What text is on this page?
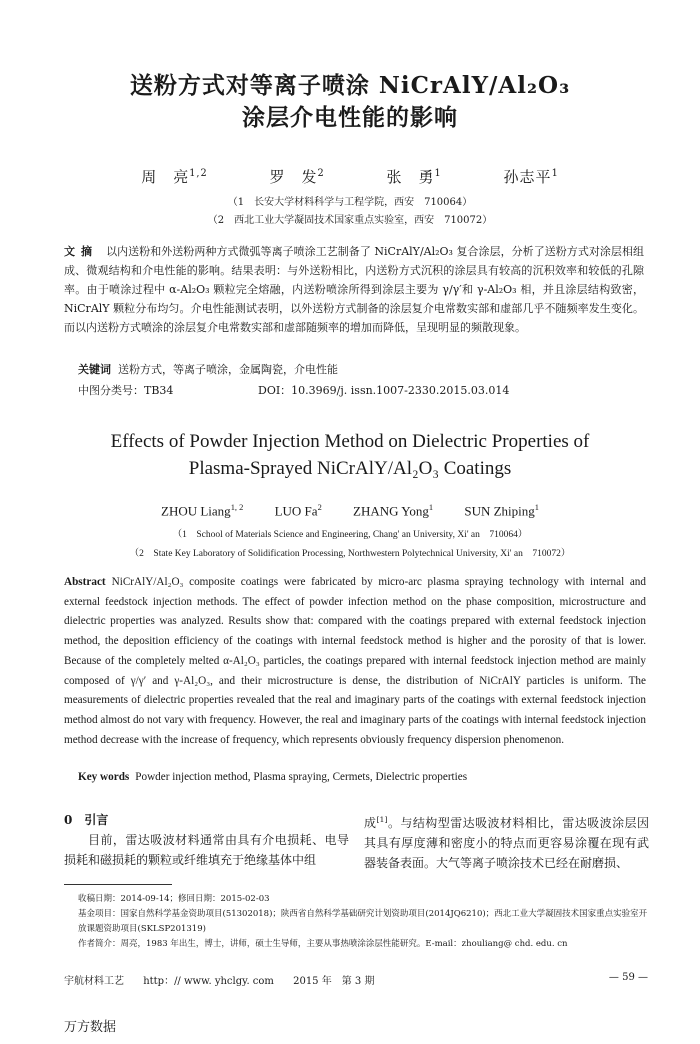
送粉方式对等离子喷涂 NiCrAlY/Al₂O₃
涂层介电性能的影响
周　亮$^{1,2}$	罗　发$^2$	张　勇$^1$	孙志平$^1$
（1　长安大学材料科学与工程学院，西安　710064）
（2　西北工业大学凝固技术国家重点实验室，西安　710072）
文摘 以内送粉和外送粉两种方式微弧等离子喷涂工艺制备了 NiCrAlY/Al₂O₃ 复合涂层，分析了送粉方式对涂层相组成、微观结构和介电性能的影响。结果表明：与外送粉相比，内送粉方式沉积的涂层具有较高的沉积效率和较低的孔隙率。由于喷涂过程中 α-Al₂O₃ 颗粒完全熔融，内送粉喷涂所得到涂层主要为 γ/γ′和 γ-Al₂O₃ 相，并且涂层结构致密，NiCrAlY 颗粒分布均匀。介电性能测试表明，以外送粉方式制备的涂层复介电常数实部和虚部几乎不随频率发生变化。而以内送粉方式喷涂的涂层复介电常数实部和虚部随频率的增加而降低，呈现明显的频散现象。
关键词 送粉方式，等离子喷涂，金属陶瓷，介电性能
中图分类号：TB34	DOI：10.3969/j. issn.1007-2330.2015.03.014
Effects of Powder Injection Method on Dielectric Properties of
Plasma-Sprayed NiCrAlY/Al₂O₃ Coatings
ZHOU Liang$^{1, 2}$ LUO Fa$^2$ ZHANG Yong$^1$ SUN Zhiping$^1$
（1　School of Materials Science and Engineering, Chang' an University, Xi' an　710064）
（2　State Key Laboratory of Solidification Processing, Northwestern Polytechnical University, Xi' an　710072）
Abstract NiCrAlY/Al₂O₃ composite coatings were fabricated by micro-arc plasma spraying technology with internal and external feedstock injection methods. The effect of powder infection method on the phase composition, microstructure and dielectric properties was analyzed. Results show that: compared with the coatings prepared with external feedstock injection method, the deposition efficiency of the coatings with internal feedstock method is higher and the porosity of that is lower. Because of the completely melted α-Al₂O₃ particles, the coatings prepared with internal feedstock injection method are mainly composed of γ/γ′ and γ-Al₂O₃, and their microstructure is dense, the distribution of NiCrAlY particles is uniform. The measurements of dielectric properties revealed that the real and imaginary parts of the coatings with external feedstock injection method almost do not vary with frequency. However, the real and imaginary parts of the coatings with internal feedstock injection method decrease with the increase of frequency, which represents obviously frequency dispersion phenomenon.
Key words Powder injection method, Plasma spraying, Cermets, Dielectric properties
0　引言
目前，雷达吸波材料通常由具有介电损耗、电导损耗和磁损耗的颗粒或纤维填充于绝缘基体中组
成[1]。与结构型雷达吸波材料相比，雷达吸波涂层因其具有厚度薄和密度小的特点而更容易涂覆在现有武器装备表面。大气等离子喷涂技术已经在耐磨损、
收稿日期：2014-09-14；修回日期：2015-02-03
基金项目：国家自然科学基金资助项目(51302018)；陕西省自然科学基础研究计划资助项目(2014JQ6210)；西北工业大学凝固技术国家重点实验室开放课题资助项目(SKLSP201319)
作者简介：周亮，1983 年出生，博士，讲师，硕士生导师，主要从事热喷涂涂层性能研究。E-mail：zhouliang@ chd. edu. cn
宇航材料工艺 http：// www. yhclgy. com 2015 年　第 3 期	— 59 —
万方数据
